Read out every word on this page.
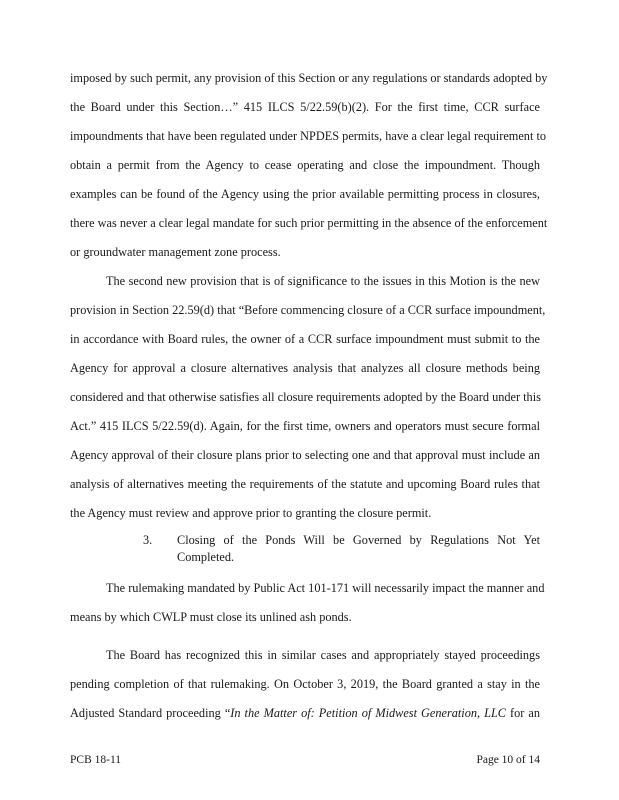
imposed by such permit, any provision of this Section or any regulations or standards adopted by
the Board under this Section…” 415 ILCS 5/22.59(b)(2). For the first time, CCR surface
impoundments that have been regulated under NPDES permits, have a clear legal requirement to
obtain a permit from the Agency to cease operating and close the impoundment. Though
examples can be found of the Agency using the prior available permitting process in closures,
there was never a clear legal mandate for such prior permitting in the absence of the enforcement
or groundwater management zone process.
The second new provision that is of significance to the issues in this Motion is the new
provision in Section 22.59(d) that “Before commencing closure of a CCR surface impoundment,
in accordance with Board rules, the owner of a CCR surface impoundment must submit to the
Agency for approval a closure alternatives analysis that analyzes all closure methods being
considered and that otherwise satisfies all closure requirements adopted by the Board under this
Act.” 415 ILCS 5/22.59(d). Again, for the first time, owners and operators must secure formal
Agency approval of their closure plans prior to selecting one and that approval must include an
analysis of alternatives meeting the requirements of the statute and upcoming Board rules that
the Agency must review and approve prior to granting the closure permit.
3. Closing of the Ponds Will be Governed by Regulations Not Yet
Completed.
The rulemaking mandated by Public Act 101-171 will necessarily impact the manner and
means by which CWLP must close its unlined ash ponds.
The Board has recognized this in similar cases and appropriately stayed proceedings
pending completion of that rulemaking. On October 3, 2019, the Board granted a stay in the
Adjusted Standard proceeding “In the Matter of: Petition of Midwest Generation, LLC for an
PCB 18-11	Page 10 of 14
